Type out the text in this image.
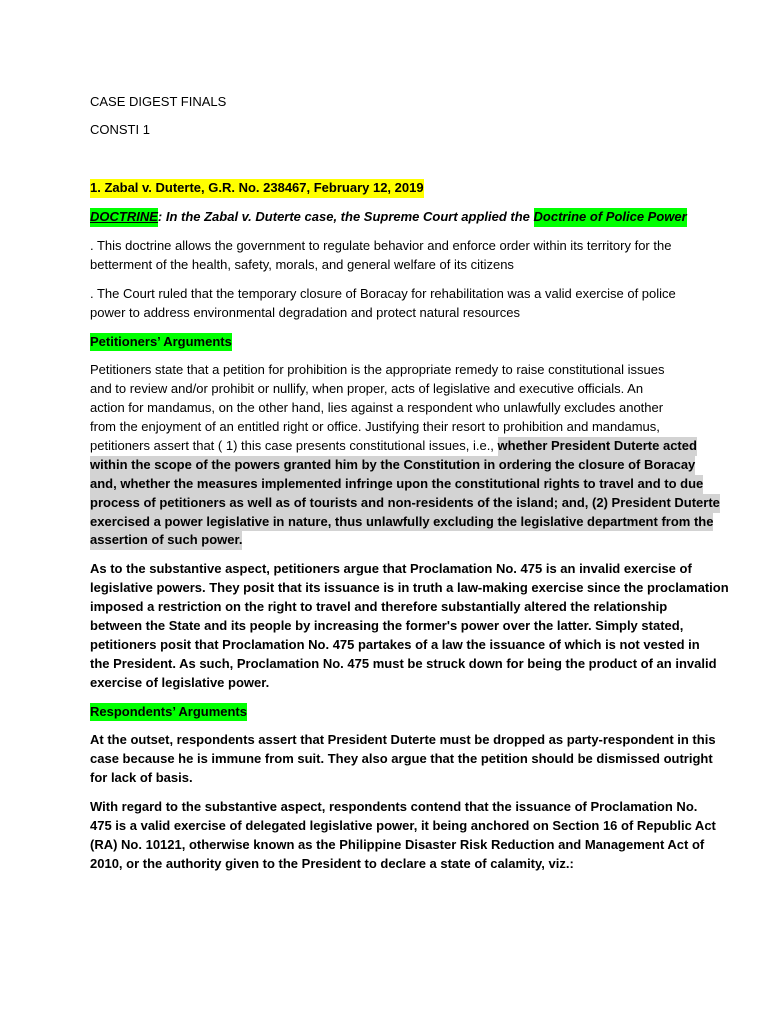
CASE DIGEST FINALS
CONSTI 1
1. Zabal v. Duterte, G.R. No. 238467, February 12, 2019
DOCTRINE: In the Zabal v. Duterte case, the Supreme Court applied the Doctrine of Police Power
. This doctrine allows the government to regulate behavior and enforce order within its territory for the
betterment of the health, safety, morals, and general welfare of its citizens
. The Court ruled that the temporary closure of Boracay for rehabilitation was a valid exercise of police
power to address environmental degradation and protect natural resources
Petitioners’ Arguments
Petitioners state that a petition for prohibition is the appropriate remedy to raise constitutional issues
and to review and/or prohibit or nullify, when proper, acts of legislative and executive officials. An
action for mandamus, on the other hand, lies against a respondent who unlawfully excludes another
from the enjoyment of an entitled right or office. Justifying their resort to prohibition and mandamus,
petitioners assert that ( 1) this case presents constitutional issues, i.e., whether President Duterte acted
within the scope of the powers granted him by the Constitution in ordering the closure of Boracay
and, whether the measures implemented infringe upon the constitutional rights to travel and to due
process of petitioners as well as of tourists and non-residents of the island; and, (2) President Duterte
exercised a power legislative in nature, thus unlawfully excluding the legislative department from the
assertion of such power.
As to the substantive aspect, petitioners argue that Proclamation No. 475 is an invalid exercise of
legislative powers. They posit that its issuance is in truth a law-making exercise since the proclamation
imposed a restriction on the right to travel and therefore substantially altered the relationship
between the State and its people by increasing the former's power over the latter. Simply stated,
petitioners posit that Proclamation No. 475 partakes of a law the issuance of which is not vested in
the President. As such, Proclamation No. 475 must be struck down for being the product of an invalid
exercise of legislative power.
Respondents’ Arguments
At the outset, respondents assert that President Duterte must be dropped as party-respondent in this
case because he is immune from suit. They also argue that the petition should be dismissed outright
for lack of basis.
With regard to the substantive aspect, respondents contend that the issuance of Proclamation No.
475 is a valid exercise of delegated legislative power, it being anchored on Section 16 of Republic Act
(RA) No. 10121, otherwise known as the Philippine Disaster Risk Reduction and Management Act of
2010, or the authority given to the President to declare a state of calamity, viz.:
